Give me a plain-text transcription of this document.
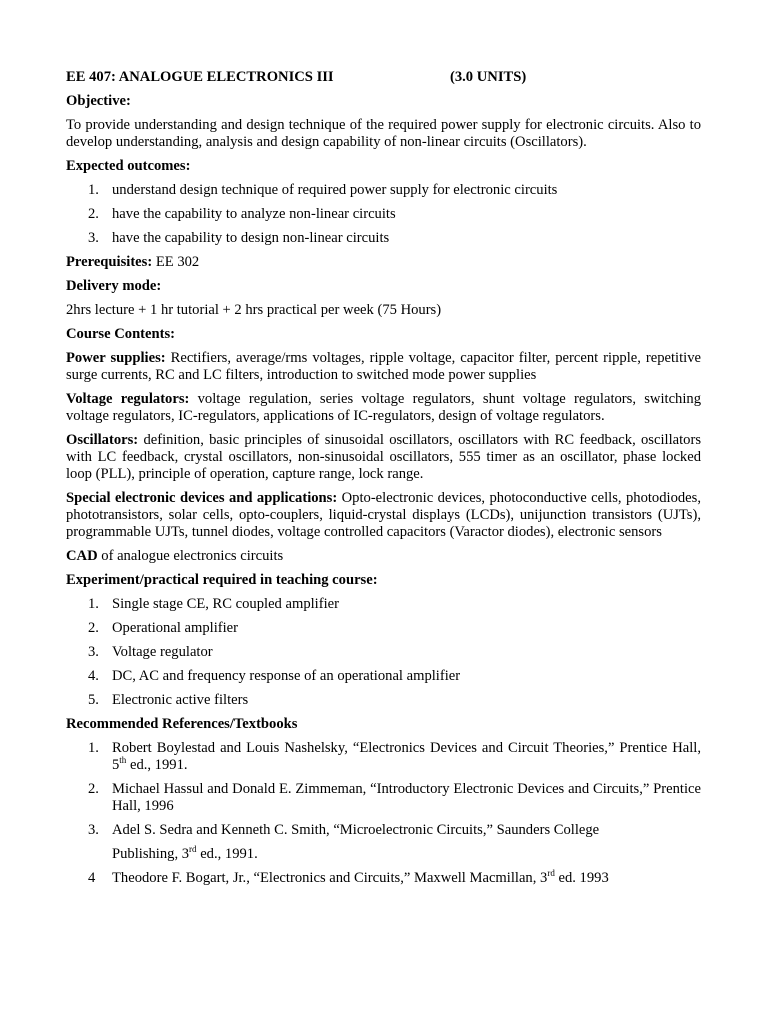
EE 407: ANALOGUE ELECTRONICS III	(3.0 UNITS)
Objective:
To provide understanding and design technique of the required power supply for electronic circuits. Also to develop understanding, analysis and design capability of non-linear circuits (Oscillators).
Expected outcomes:
1. understand design technique of required power supply for electronic circuits
2. have the capability to analyze non-linear circuits
3. have the capability to design non-linear circuits
Prerequisites: EE 302
Delivery mode:
2hrs lecture + 1 hr tutorial + 2 hrs practical per week (75 Hours)
Course Contents:
Power supplies: Rectifiers, average/rms voltages, ripple voltage, capacitor filter, percent ripple, repetitive surge currents, RC and LC filters, introduction to switched mode power supplies
Voltage regulators: voltage regulation, series voltage regulators, shunt voltage regulators, switching voltage regulators, IC-regulators, applications of IC-regulators, design of voltage regulators.
Oscillators: definition, basic principles of sinusoidal oscillators, oscillators with RC feedback, oscillators with LC feedback, crystal oscillators, non-sinusoidal oscillators, 555 timer as an oscillator, phase locked loop (PLL), principle of operation, capture range, lock range.
Special electronic devices and applications: Opto-electronic devices, photoconductive cells, photodiodes, phototransistors, solar cells, opto-couplers, liquid-crystal displays (LCDs), unijunction transistors (UJTs), programmable UJTs, tunnel diodes, voltage controlled capacitors (Varactor diodes), electronic sensors
CAD of analogue electronics circuits
Experiment/practical required in teaching course:
1. Single stage CE, RC coupled amplifier
2. Operational amplifier
3. Voltage regulator
4. DC, AC and frequency response of an operational amplifier
5. Electronic active filters
Recommended References/Textbooks
1. Robert Boylestad and Louis Nashelsky, “Electronics Devices and Circuit Theories,” Prentice Hall, 5th ed., 1991.
2. Michael Hassul and Donald E. Zimmeman, “Introductory Electronic Devices and Circuits,” Prentice Hall, 1996
3. Adel S. Sedra and Kenneth C. Smith, “Microelectronic Circuits,” Saunders College
Publishing, 3rd ed., 1991.
4 Theodore F. Bogart, Jr., “Electronics and Circuits,” Maxwell Macmillan, 3rd ed. 1993
